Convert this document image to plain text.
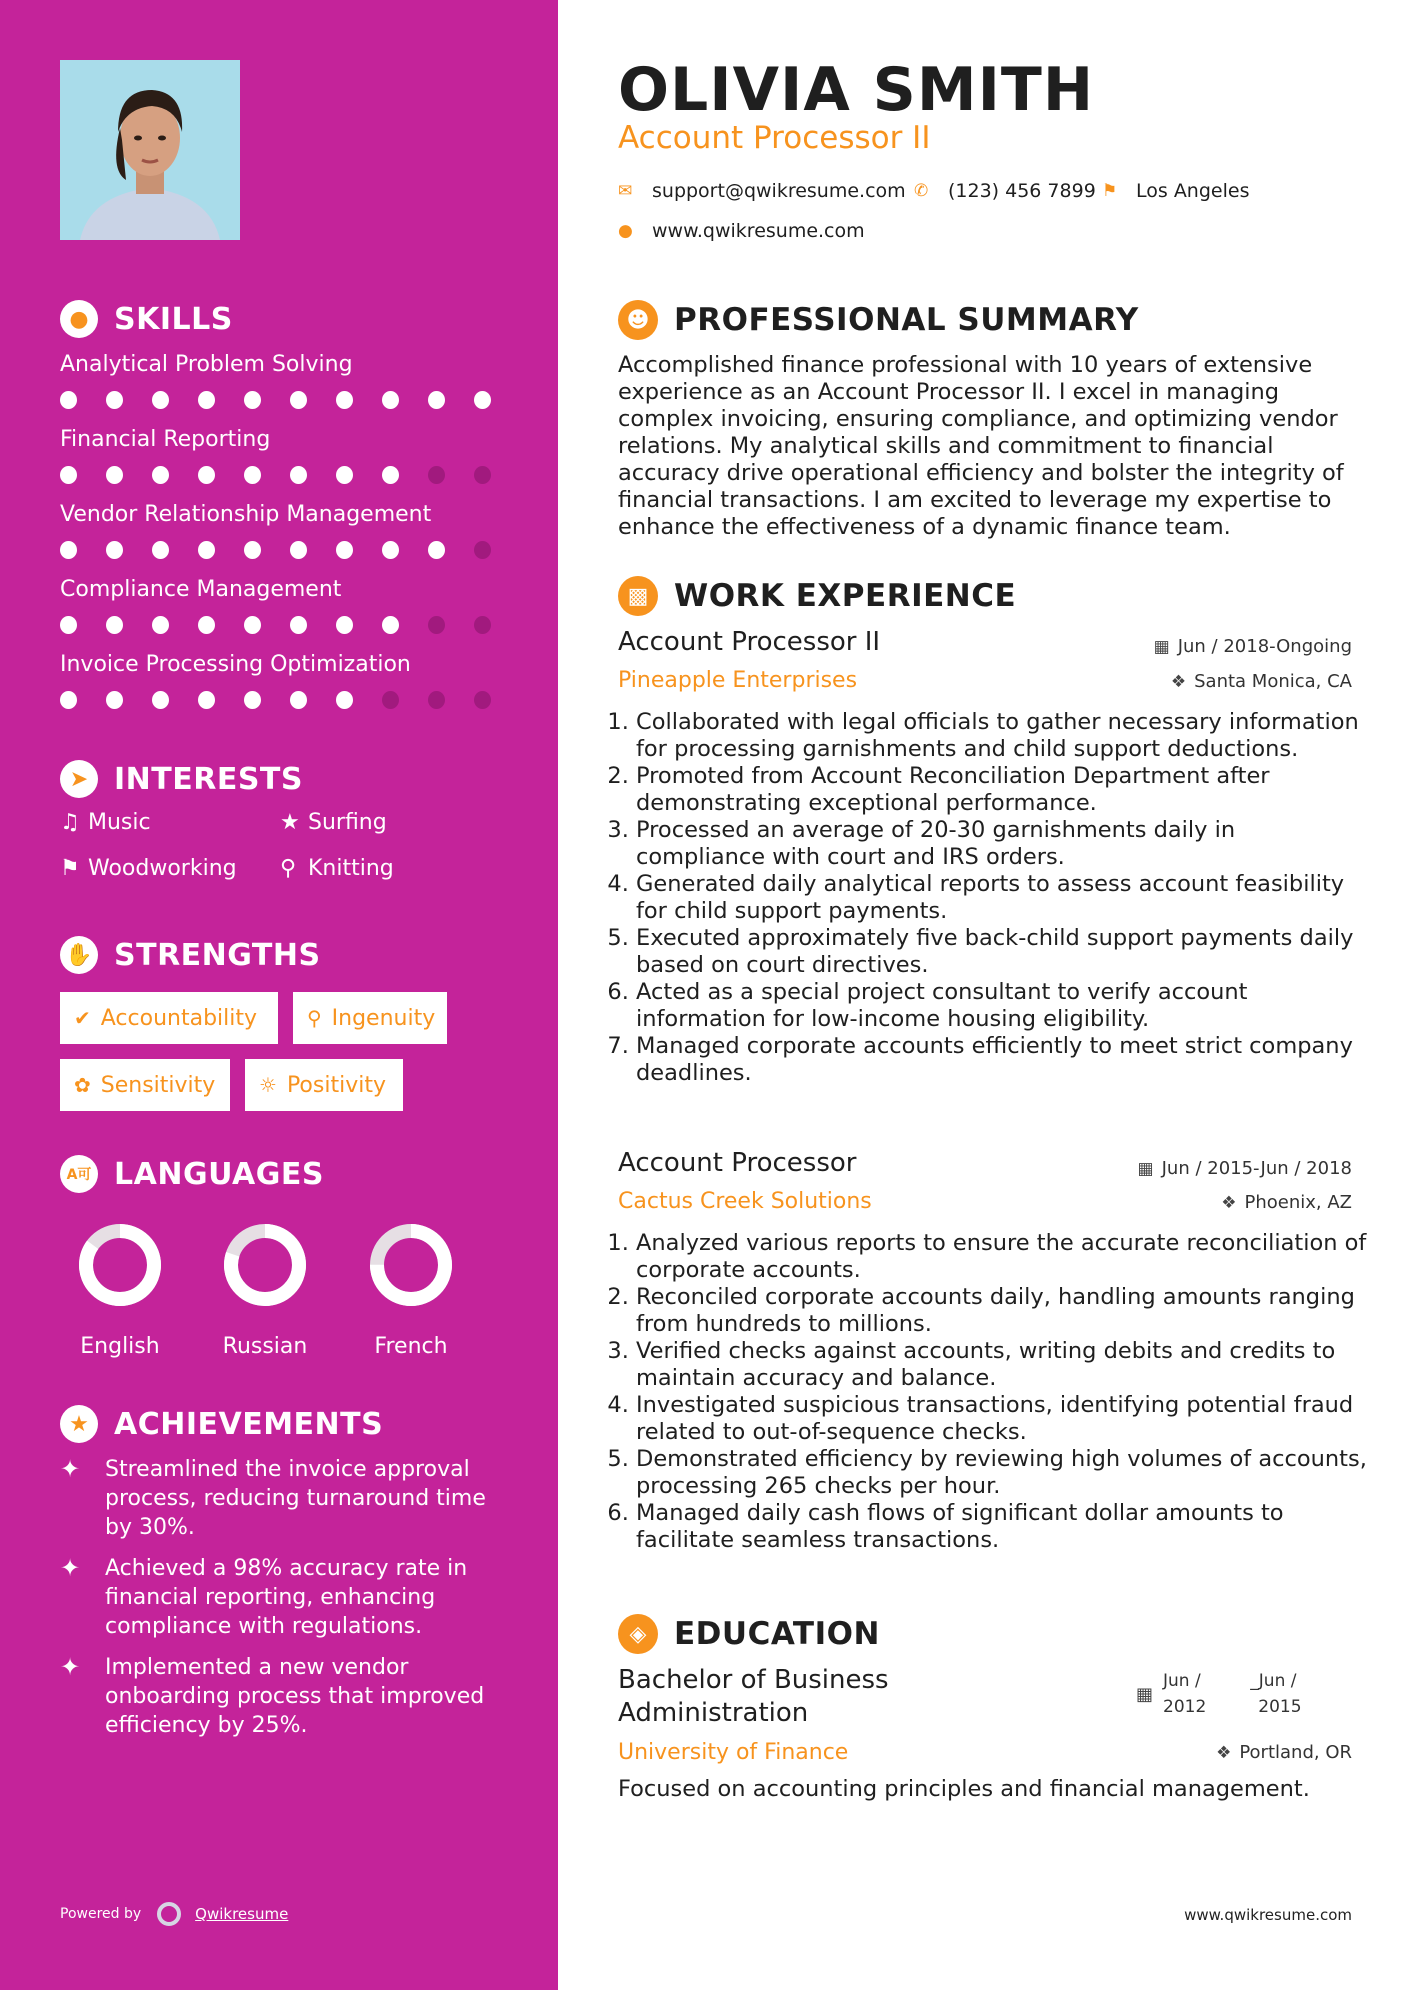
● SKILLS
Analytical Problem Solving
Financial Reporting
Vendor Relationship Management
Compliance Management
Invoice Processing Optimization
➤ INTERESTS
♫ Music	★ Surfing
⚑ Woodworking ⚲ Knitting
✋ STRENGTHS
✔ Accountability ⚲ Ingenuity
✿ Sensitivity ☼ Positivity
A可 LANGUAGES
English	Russian	French
★ ACHIEVEMENTS
✦	Streamlined the invoice approval process, reducing turnaround time by 30%.
✦	Achieved a 98% accuracy rate in financial reporting, enhancing compliance with regulations.
✦	Implemented a new vendor onboarding process that improved efficiency by 25%.
Powered by	Qwikresume
OLIVIA SMITH
Account Processor II
✉	support@qwikresume.com ✆	(123) 456 7899 ⚑ Los Angeles
●	www.qwikresume.com
☻ PROFESSIONAL SUMMARY
Accomplished finance professional with 10 years of extensive experience as an Account Processor II. I excel in managing complex invoicing, ensuring compliance, and optimizing vendor relations. My analytical skills and commitment to financial accuracy drive operational efficiency and bolster the integrity of financial transactions. I am excited to leverage my expertise to enhance the effectiveness of a dynamic finance team.
▩ WORK EXPERIENCE
Account Processor II	▦ Jun / 2018-Ongoing
Pineapple Enterprises	❖ Santa Monica, CA
1. Collaborated with legal officials to gather necessary information for processing garnishments and child support deductions.
2. Promoted from Account Reconciliation Department after demonstrating exceptional performance.
3. Processed an average of 20-30 garnishments daily in compliance with court and IRS orders.
4. Generated daily analytical reports to assess account feasibility for child support payments.
5. Executed approximately five back-child support payments daily based on court directives.
6. Acted as a special project consultant to verify account information for low-income housing eligibility.
7. Managed corporate accounts efficiently to meet strict company deadlines.
Account Processor	▦ Jun / 2015-Jun / 2018
Cactus Creek Solutions	❖ Phoenix, AZ
1. Analyzed various reports to ensure the accurate reconciliation of corporate accounts.
2. Reconciled corporate accounts daily, handling amounts ranging from hundreds to millions.
3. Verified checks against accounts, writing debits and credits to maintain accuracy and balance.
4. Investigated suspicious transactions, identifying potential fraud related to out-of-sequence checks.
5. Demonstrated efficiency by reviewing high volumes of accounts, processing 265 checks per hour.
6. Managed daily cash flows of significant dollar amounts to facilitate seamless transactions.
◈ EDUCATION
Bachelor of Business
Administration
▦
Jun /
2012
_Jun /
2015
University of Finance	❖ Portland, OR
Focused on accounting principles and financial management.
www.qwikresume.com
